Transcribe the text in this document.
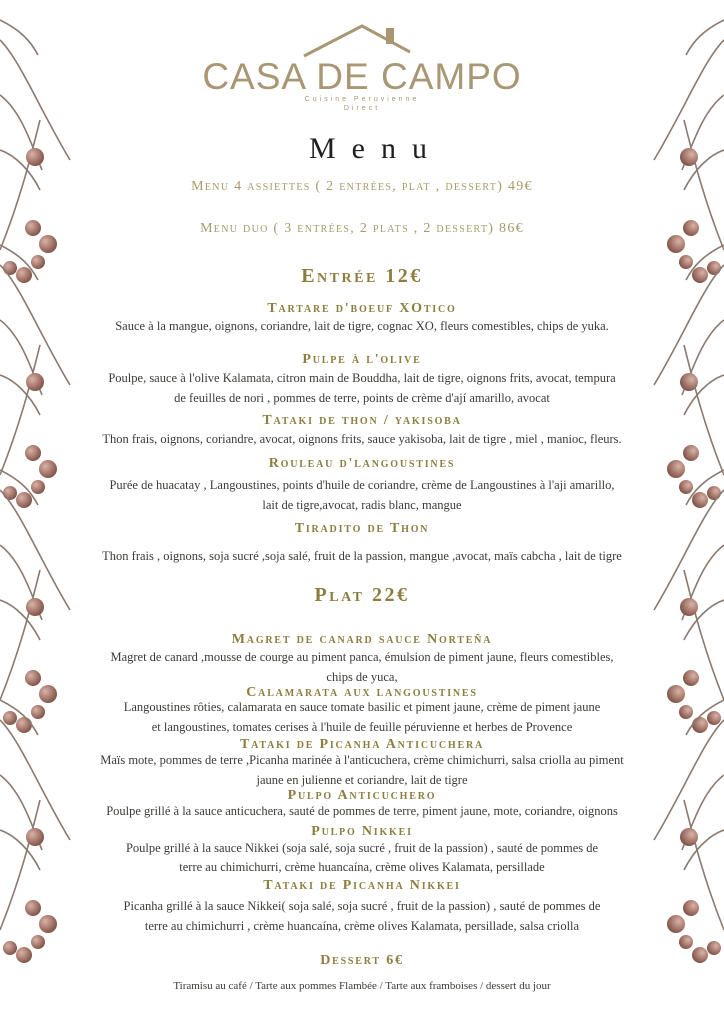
CASA DE CAMPO
Cuisine Peruvienne
Direct
Menu
Menu 4 assiettes ( 2 entrées, plat , dessert) 49€
Menu duo ( 3 entrées, 2 plats , 2 dessert) 86€
Entrée 12€
Tartare d'boeuf XOtico
Sauce à la mangue, oignons, coriandre, lait de tigre, cognac XO, fleurs comestibles, chips de yuka.
Pulpe à l'olive
Poulpe, sauce à l'olive Kalamata, citron main de Bouddha, lait de tigre, oignons frits, avocat, tempura
de feuilles de nori , pommes de terre, points de crème d'ají amarillo, avocat
Tataki de thon / yakisoba
Thon frais, oignons, coriandre, avocat, oignons frits, sauce yakisoba, lait de tigre , miel , manioc, fleurs.
Rouleau d'langoustines
Purée de huacatay , Langoustines, points d'huile de coriandre, crème de Langoustines à l'aji amarillo,
lait de tigre,avocat, radis blanc, mangue
Tiradito de Thon
Thon frais , oignons, soja sucré ,soja salé, fruit de la passion, mangue ,avocat, maïs cabcha , lait de tigre
Plat 22€
Magret de canard sauce Norteña
Magret de canard ,mousse de courge au piment panca, émulsion de piment jaune, fleurs comestibles,
chips de yuca,
Calamarata aux langoustines
Langoustines rôties, calamarata en sauce tomate basilic et piment jaune, crème de piment jaune
et langoustines, tomates cerises à l'huile de feuille péruvienne et herbes de Provence
Tataki de Picanha Anticuchera
Maïs mote, pommes de terre ,Picanha marinée à l'anticuchera, crème chimichurri, salsa criolla au piment
jaune en julienne et coriandre, lait de tigre
Pulpo Anticuchero
Poulpe grillé à la sauce anticuchera, sauté de pommes de terre, piment jaune, mote, coriandre, oignons
Pulpo Nikkei
Poulpe grillé à la sauce Nikkei (soja salé, soja sucré , fruit de la passion) , sauté de pommes de
terre au chimichurri, crème huancaína, crème olives Kalamata, persillade
Tataki de Picanha Nikkei
Picanha grillé à la sauce Nikkei( soja salé, soja sucré , fruit de la passion) , sauté de pommes de
terre au chimichurri , crème huancaína, crème olives Kalamata, persillade, salsa criolla
Dessert 6€
Tiramisu au café / Tarte aux pommes Flambée / Tarte aux framboises / dessert du jour
